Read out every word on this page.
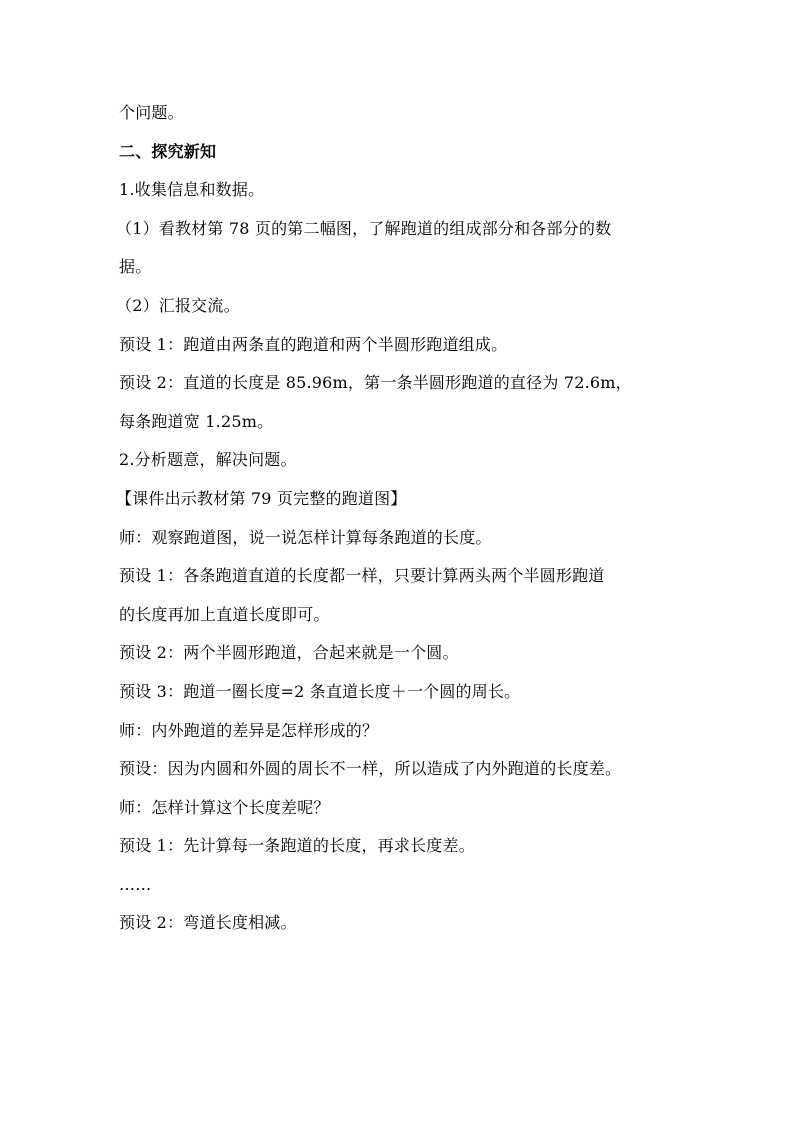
个问题。
二、探究新知
1.收集信息和数据。
（1）看教材第 78 页的第二幅图，了解跑道的组成部分和各部分的数
据。
（2）汇报交流。
预设 1：跑道由两条直的跑道和两个半圆形跑道组成。
预设 2：直道的长度是 85.96m，第一条半圆形跑道的直径为 72.6m，
每条跑道宽 1.25m。
2.分析题意，解决问题。
【课件出示教材第 79 页完整的跑道图】
师：观察跑道图，说一说怎样计算每条跑道的长度。
预设 1：各条跑道直道的长度都一样，只要计算两头两个半圆形跑道
的长度再加上直道长度即可。
预设 2：两个半圆形跑道，合起来就是一个圆。
预设 3：跑道一圈长度=2 条直道长度＋一个圆的周长。
师：内外跑道的差异是怎样形成的？
预设：因为内圆和外圆的周长不一样，所以造成了内外跑道的长度差。
师：怎样计算这个长度差呢？
预设 1：先计算每一条跑道的长度，再求长度差。
……
预设 2：弯道长度相减。
